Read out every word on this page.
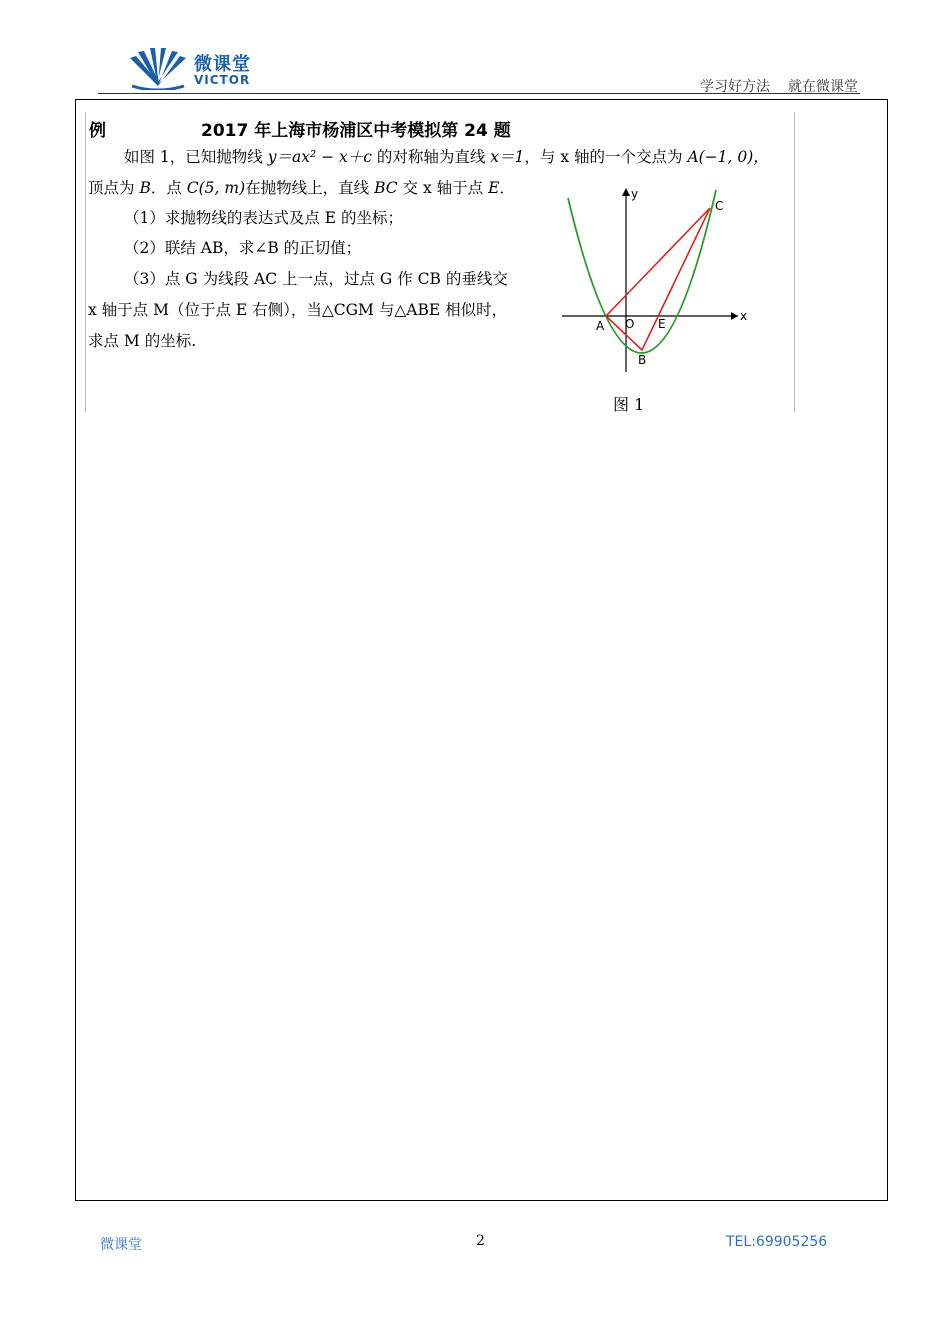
微课堂
VICTOR	学习好方法 就在微课堂
例	2017 年上海市杨浦区中考模拟第 24 题
如图 1，已知抛物线 y＝ax² − x＋c 的对称轴为直线 x＝1，与 x 轴的一个交点为 A(−1, 0)，
顶点为 B．点 C(5, m)在抛物线上，直线 BC 交 x 轴于点 E．
（1）求抛物线的表达式及点 E 的坐标；
（2）联结 AB，求∠B 的正切值；
（3）点 G 为线段 AC 上一点，过点 G 作 CB 的垂线交
x 轴于点 M（位于点 E 右侧），当△CGM 与△ABE 相似时，
求点 M 的坐标.
y
x
A O E
B
C
图 1
微课堂	2	TEL:69905256
